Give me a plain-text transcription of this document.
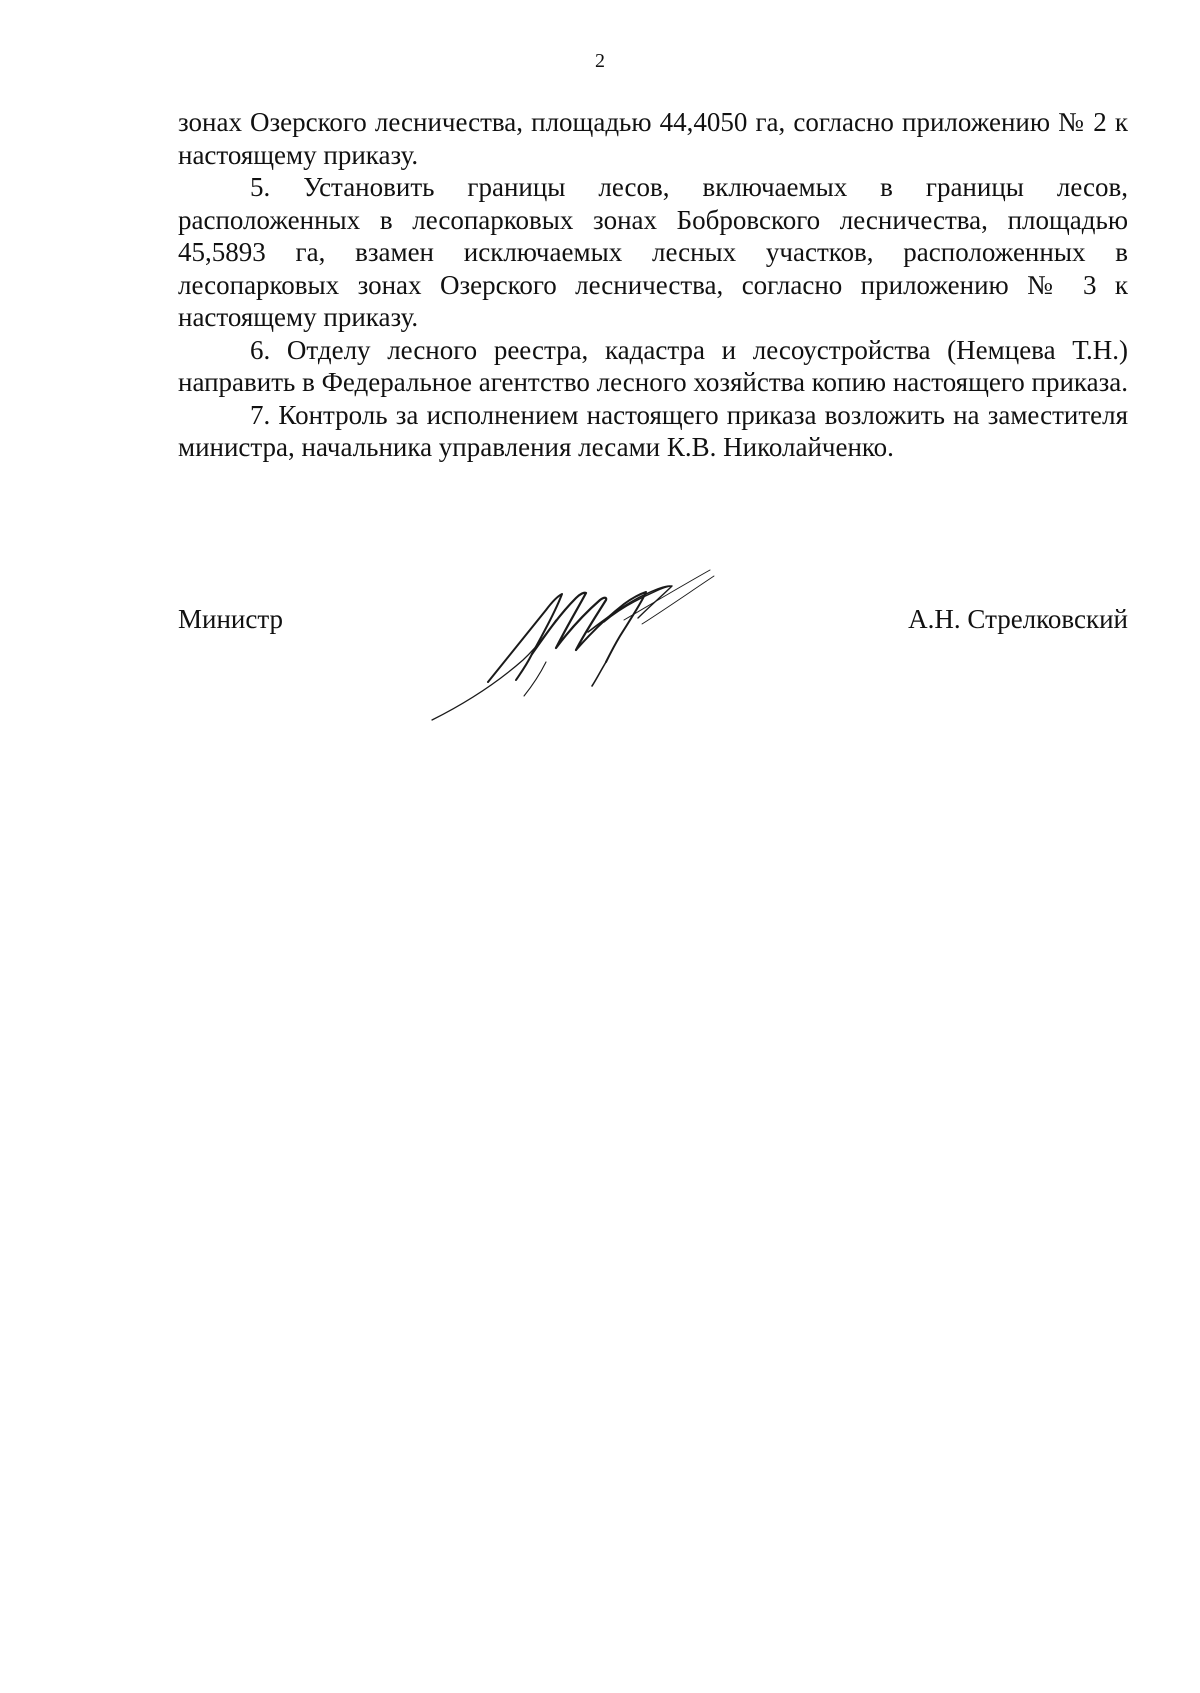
2

зонах Озерского лесничества, площадью 44,4050 га, согласно приложению № 2 к настоящему приказу.

5. Установить границы лесов, включаемых в границы лесов, расположенных в лесопарковых зонах Бобровского лесничества, площадью 45,5893 га, взамен исключаемых лесных участков, расположенных в лесопарковых зонах Озерского лесничества, согласно приложению № 3 к настоящему приказу.

6. Отделу лесного реестра, кадастра и лесоустройства (Немцева Т.Н.) направить в Федеральное агентство лесного хозяйства копию настоящего приказа.

7. Контроль за исполнением настоящего приказа возложить на заместителя министра, начальника управления лесами К.В. Николайченко.

Министр	А.Н. Стрелковский
